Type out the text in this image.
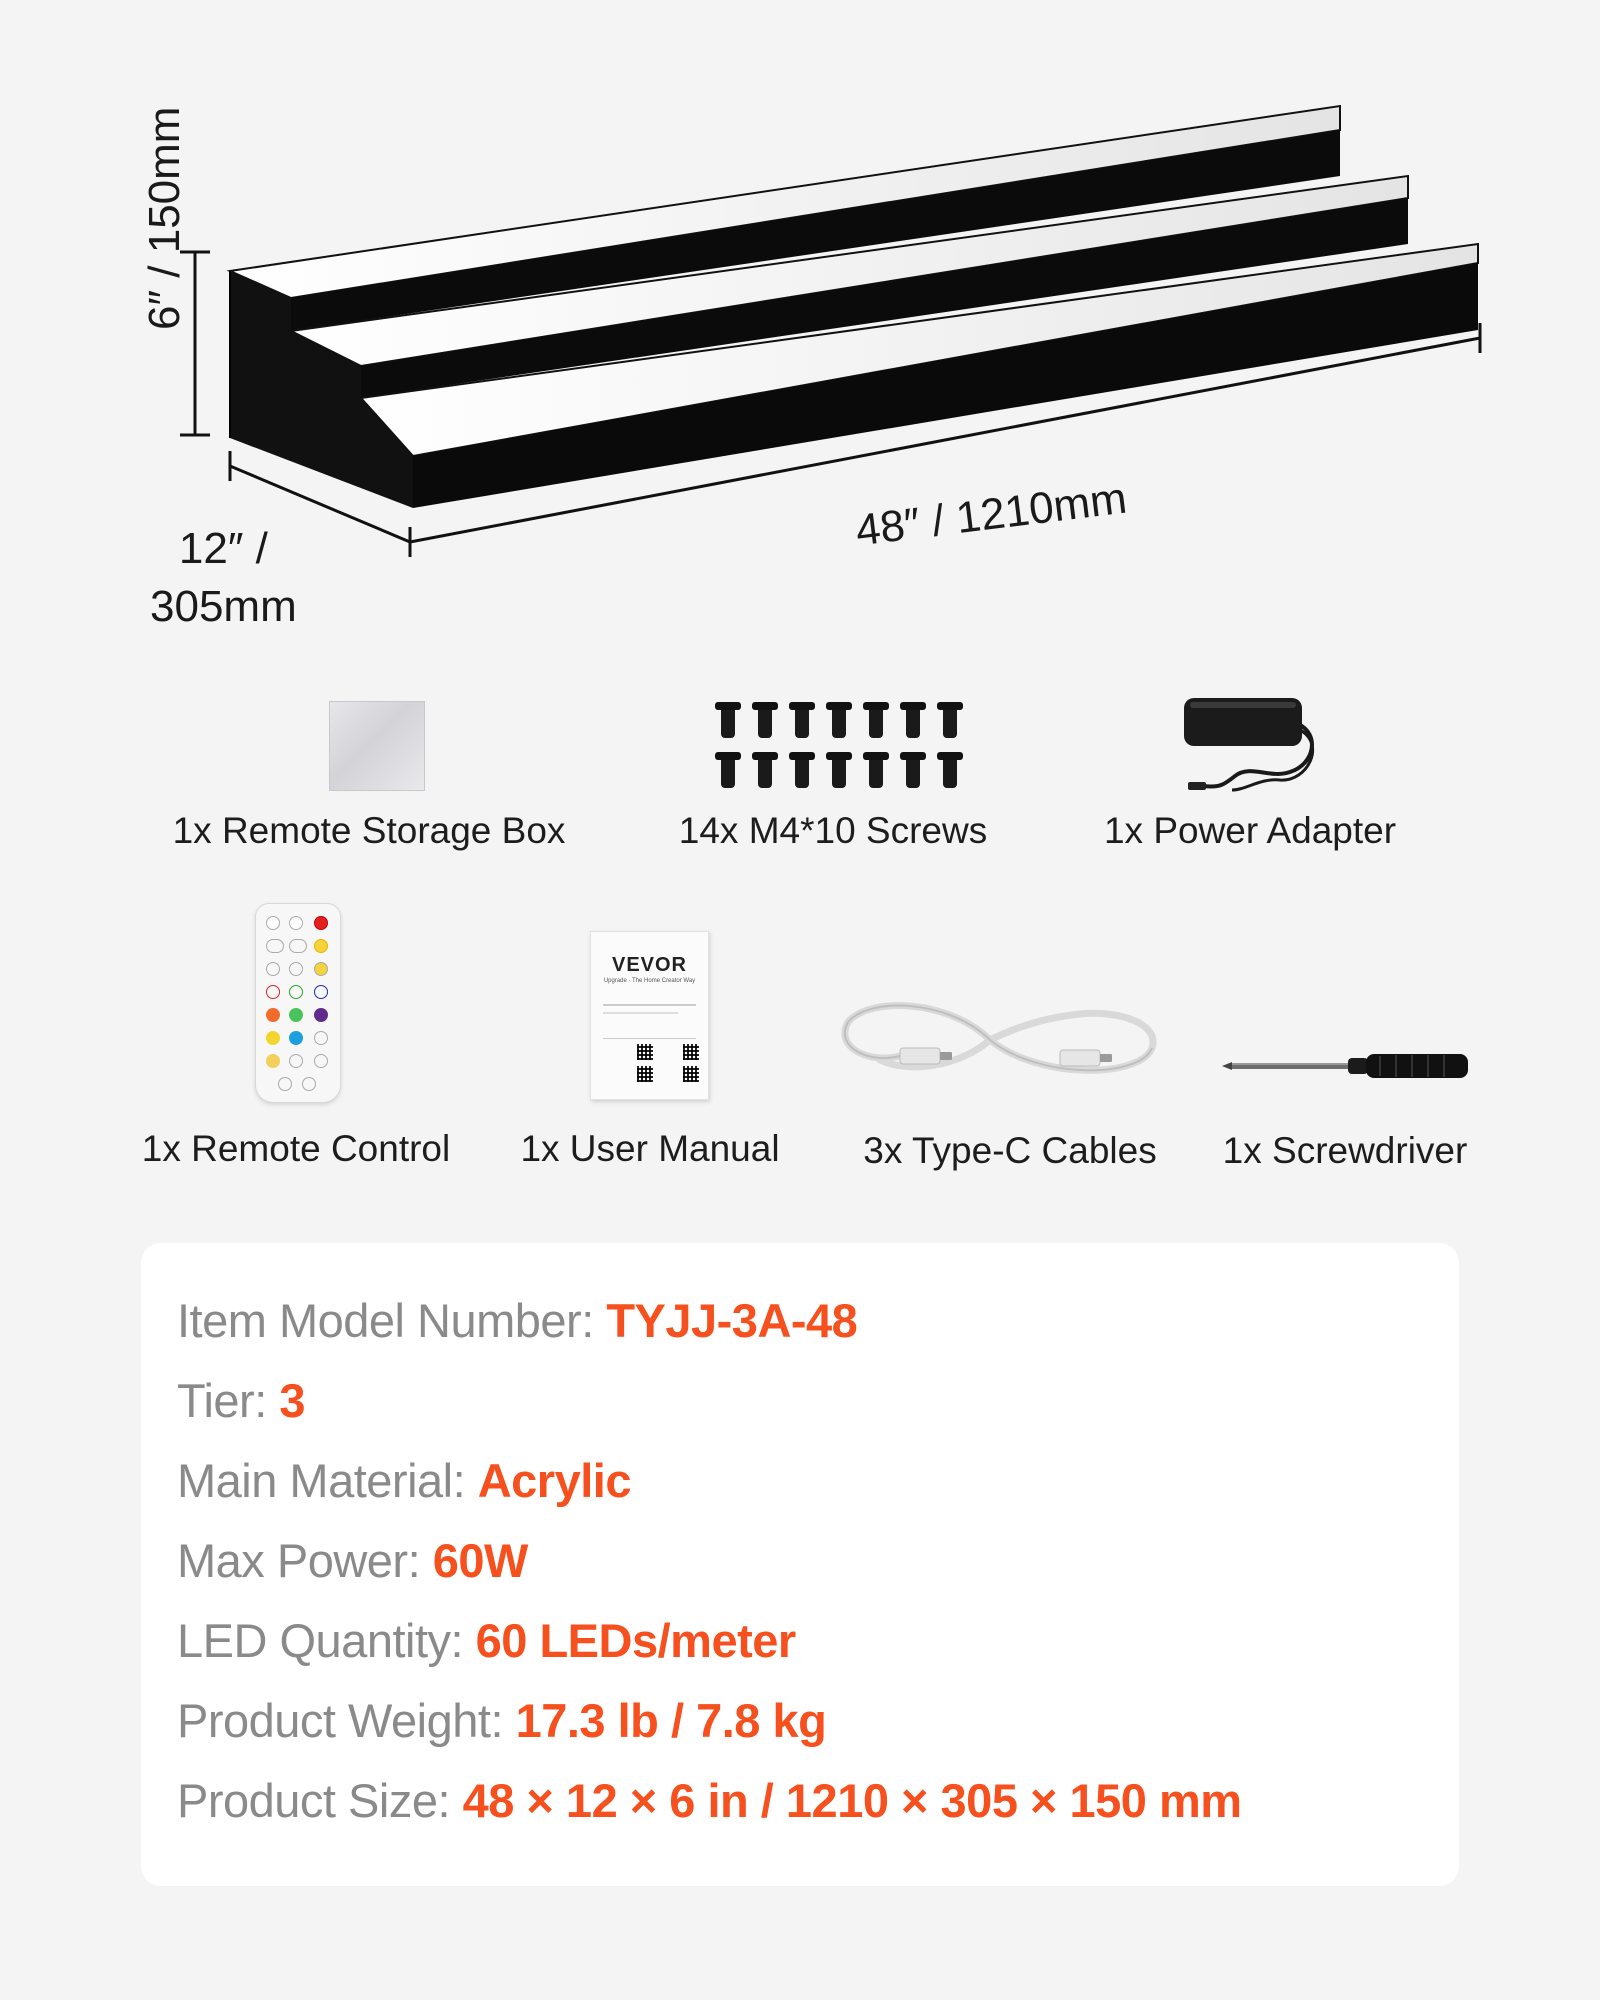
6″ / 150mm
48″ / 1210mm
12″ /
305mm
1x Remote Storage Box	14x M4*10 Screws	1x Power Adapter
1x Remote Control
VEVOR
Upgrade · The Home Creator Way
1x User Manual 3x Type-C Cables 1x Screwdriver
Item Model Number: TYJJ-3A-48
Tier: 3
Main Material: Acrylic
Max Power: 60W
LED Quantity: 60 LEDs/meter
Product Weight: 17.3 lb / 7.8 kg
Product Size: 48 × 12 × 6 in / 1210 × 305 × 150 mm
